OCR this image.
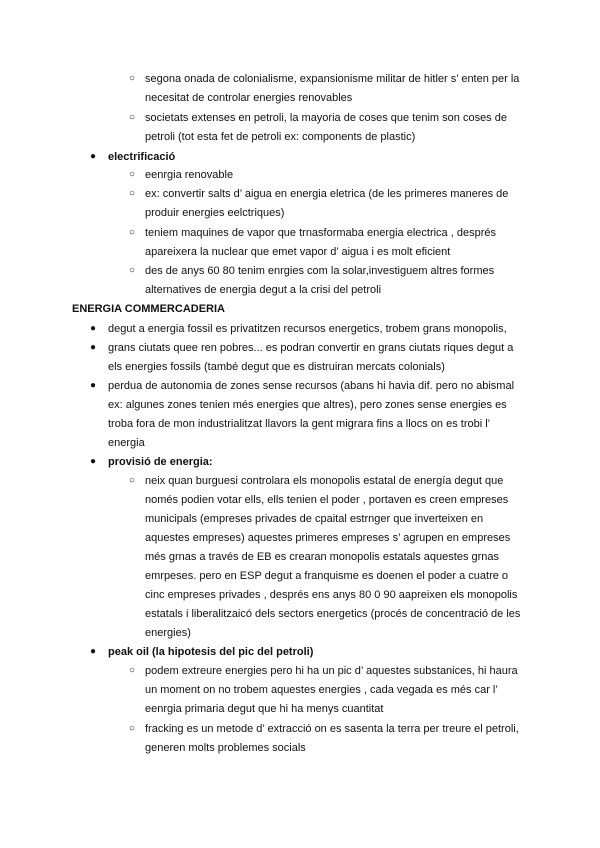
○ segona onada de colonialisme, expansionisme militar de hitler s’ enten per la
necesitat de controlar energies renovables
○ societats extenses en petroli, la mayoria de coses que tenim son coses de
petroli (tot esta fet de petroli ex: components de plastic)
● electrificació
○ eenrgia renovable
○ ex: convertir salts d’ aigua en energia eletrica (de les primeres maneres de
produir energies eelctriques)
○ teniem maquines de vapor que trnasformaba energia electrica , després
apareixera la nuclear que emet vapor d’ aigua i es molt eficient
○ des de anys 60 80 tenim enrgies com la solar,investiguem altres formes
alternatives de energia degut a la crisi del petroli
ENERGIA COMMERCADERIA
● degut a energia fossil es privatitzen recursos energetics, trobem grans monopolis,
● grans ciutats quee ren pobres... es podran convertir en grans ciutats riques degut a
els energies fossils (també degut que es distruiran mercats colonials)
● perdua de autonomia de zones sense recursos (abans hi havia dif. pero no abismal
ex: algunes zones tenien més energies que altres), pero zones sense energies es
troba fora de mon industrialitzat llavors la gent migrara fins a llocs on es trobi l’
energia
● provisió de energia:
○ neix quan burguesi controlara els monopolis estatal de energía degut que
només podien votar ells, ells tenien el poder , portaven es creen empreses
municipals (empreses privades de cpaital estrnger que inverteixen en
aquestes empreses) aquestes primeres empreses s’ agrupen en empreses
més grnas a través de EB es crearan monopolis estatals aquestes grnas
emrpeses. pero en ESP degut a franquisme es doenen el poder a cuatre o
cinc empreses privades , després ens anys 80 0 90 aapreixen els monopolis
estatals i liberalitzaicó dels sectors energetics (procés de concentració de les
energies)
● peak oil (la hipotesis del pic del petroli)
○ podem extreure energies pero hi ha un pic d’ aquestes substanices, hi haura
un moment on no trobem aquestes energies , cada vegada es més car l’
eenrgia primaria degut que hi ha menys cuantitat
○ fracking es un metode d’ extracció on es sasenta la terra per treure el petroli,
generen molts problemes socials
